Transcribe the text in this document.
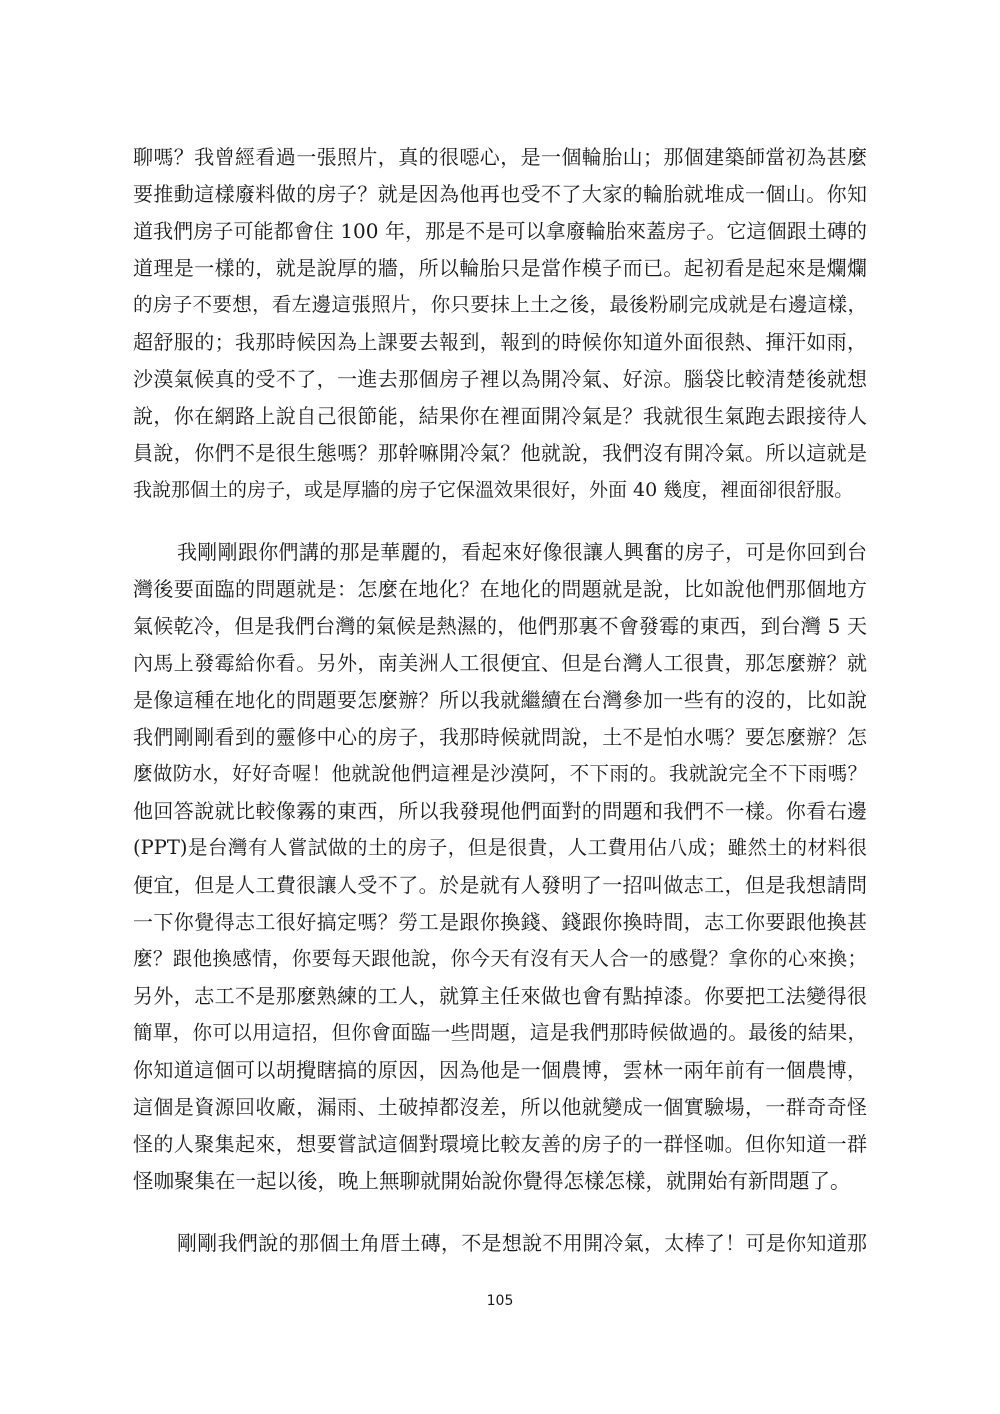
聊嗎？我曾經看過一張照片，真的很噁心，是一個輪胎山；那個建築師當初為甚麼
要推動這樣廢料做的房子？就是因為他再也受不了大家的輪胎就堆成一個山。你知
道我們房子可能都會住 100 年，那是不是可以拿廢輪胎來蓋房子。它這個跟土磚的
道理是一樣的，就是說厚的牆，所以輪胎只是當作模子而已。起初看是起來是爛爛
的房子不要想，看左邊這張照片，你只要抹上土之後，最後粉刷完成就是右邊這樣，
超舒服的；我那時候因為上課要去報到，報到的時候你知道外面很熱、揮汗如雨，
沙漠氣候真的受不了，一進去那個房子裡以為開冷氣、好涼。腦袋比較清楚後就想
說，你在網路上說自己很節能，結果你在裡面開冷氣是？我就很生氣跑去跟接待人
員說，你們不是很生態嗎？那幹嘛開冷氣？他就說，我們沒有開冷氣。所以這就是
我說那個土的房子，或是厚牆的房子它保溫效果很好，外面 40 幾度，裡面卻很舒服。
我剛剛跟你們講的那是華麗的，看起來好像很讓人興奮的房子，可是你回到台
灣後要面臨的問題就是：怎麼在地化？在地化的問題就是說，比如說他們那個地方
氣候乾冷，但是我們台灣的氣候是熱濕的，他們那裏不會發霉的東西，到台灣 5 天
內馬上發霉給你看。另外，南美洲人工很便宜、但是台灣人工很貴，那怎麼辦？就
是像這種在地化的問題要怎麼辦？所以我就繼續在台灣參加一些有的沒的，比如說
我們剛剛看到的靈修中心的房子，我那時候就問說，土不是怕水嗎？要怎麼辦？怎
麼做防水，好好奇喔！他就說他們這裡是沙漠阿，不下雨的。我就說完全不下雨嗎？
他回答說就比較像霧的東西，所以我發現他們面對的問題和我們不一樣。你看右邊
(PPT)是台灣有人嘗試做的土的房子，但是很貴，人工費用佔八成；雖然土的材料很
便宜，但是人工費很讓人受不了。於是就有人發明了一招叫做志工，但是我想請問
一下你覺得志工很好搞定嗎？勞工是跟你換錢、錢跟你換時間，志工你要跟他換甚
麼？跟他換感情，你要每天跟他說，你今天有沒有天人合一的感覺？拿你的心來換；
另外，志工不是那麼熟練的工人，就算主任來做也會有點掉漆。你要把工法變得很
簡單，你可以用這招，但你會面臨一些問題，這是我們那時候做過的。最後的結果，
你知道這個可以胡攪瞎搞的原因，因為他是一個農博，雲林一兩年前有一個農博，
這個是資源回收廠，漏雨、土破掉都沒差，所以他就變成一個實驗場，一群奇奇怪
怪的人聚集起來，想要嘗試這個對環境比較友善的房子的一群怪咖。但你知道一群
怪咖聚集在一起以後，晚上無聊就開始說你覺得怎樣怎樣，就開始有新問題了。
剛剛我們說的那個土角厝土磚，不是想說不用開冷氣，太棒了！可是你知道那
105
